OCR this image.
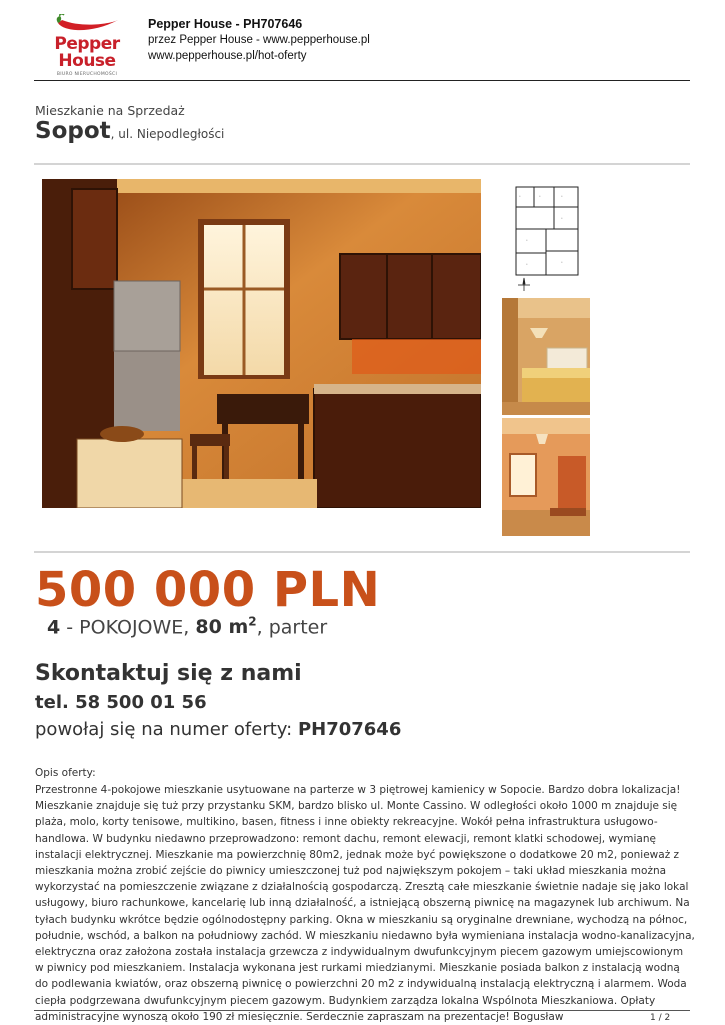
Pepper
House
BIURO NIERUCHOMOŚCI
Pepper House - PH707646
przez Pepper House - www.pepperhouse.pl
www.pepperhouse.pl/hot-oferty
Mieszkanie na Sprzedaż
Sopot, ul. Niepodległości
•	•	•
•
•
•
•
500 000 PLN
4 - POKOJOWE, 80 $m^2$, parter
Skontaktuj się z nami
tel. 58 500 01 56
powołaj się na numer oferty: PH707646
Opis oferty:
Przestronne 4-pokojowe mieszkanie usytuowane na parterze w 3 piętrowej kamienicy w Sopocie. Bardzo dobra lokalizacja! Mieszkanie znajduje się tuż przy przystanku SKM, bardzo blisko ul. Monte Cassino. W odległości około 1000 m znajduje się plaża, molo, korty tenisowe, multikino, basen, fitness i inne obiekty rekreacyjne. Wokół pełna infrastruktura usługowo-handlowa. W budynku niedawno przeprowadzono: remont dachu, remont elewacji, remont klatki schodowej, wymianę instalacji elektrycznej. Mieszkanie ma powierzchnię 80m2, jednak może być powiększone o dodatkowe 20 m2, ponieważ z mieszkania można zrobić zejście do piwnicy umieszczonej tuż pod największym pokojem – taki układ mieszkania można wykorzystać na pomieszczenie związane z działalnością gospodarczą. Zresztą całe mieszkanie świetnie nadaje się jako lokal usługowy, biuro rachunkowe, kancelarię lub inną działalność, a istniejącą obszerną piwnicę na magazynek lub archiwum. Na tyłach budynku wkrótce będzie ogólnodostępny parking. Okna w mieszkaniu są oryginalne drewniane, wychodzą na północ, południe, wschód, a balkon na południowy zachód. W mieszkaniu niedawno była wymieniana instalacja wodno-kanalizacyjna, elektryczna oraz założona została instalacja grzewcza z indywidualnym dwufunkcyjnym piecem gazowym umiejscowionym w piwnicy pod mieszkaniem. Instalacja wykonana jest rurkami miedzianymi. Mieszkanie posiada balkon z instalacją wodną do podlewania kwiatów, oraz obszerną piwnicę o powierzchni 20 m2 z indywidualną instalacją elektryczną i alarmem. Woda ciepła podgrzewana dwufunkcyjnym piecem gazowym. Budynkiem zarządza lokalna Wspólnota Mieszkaniowa. Opłaty administracyjne wynoszą około 190 zł miesięcznie. Serdecznie zapraszam na prezentacje! Bogusław	1 / 2
